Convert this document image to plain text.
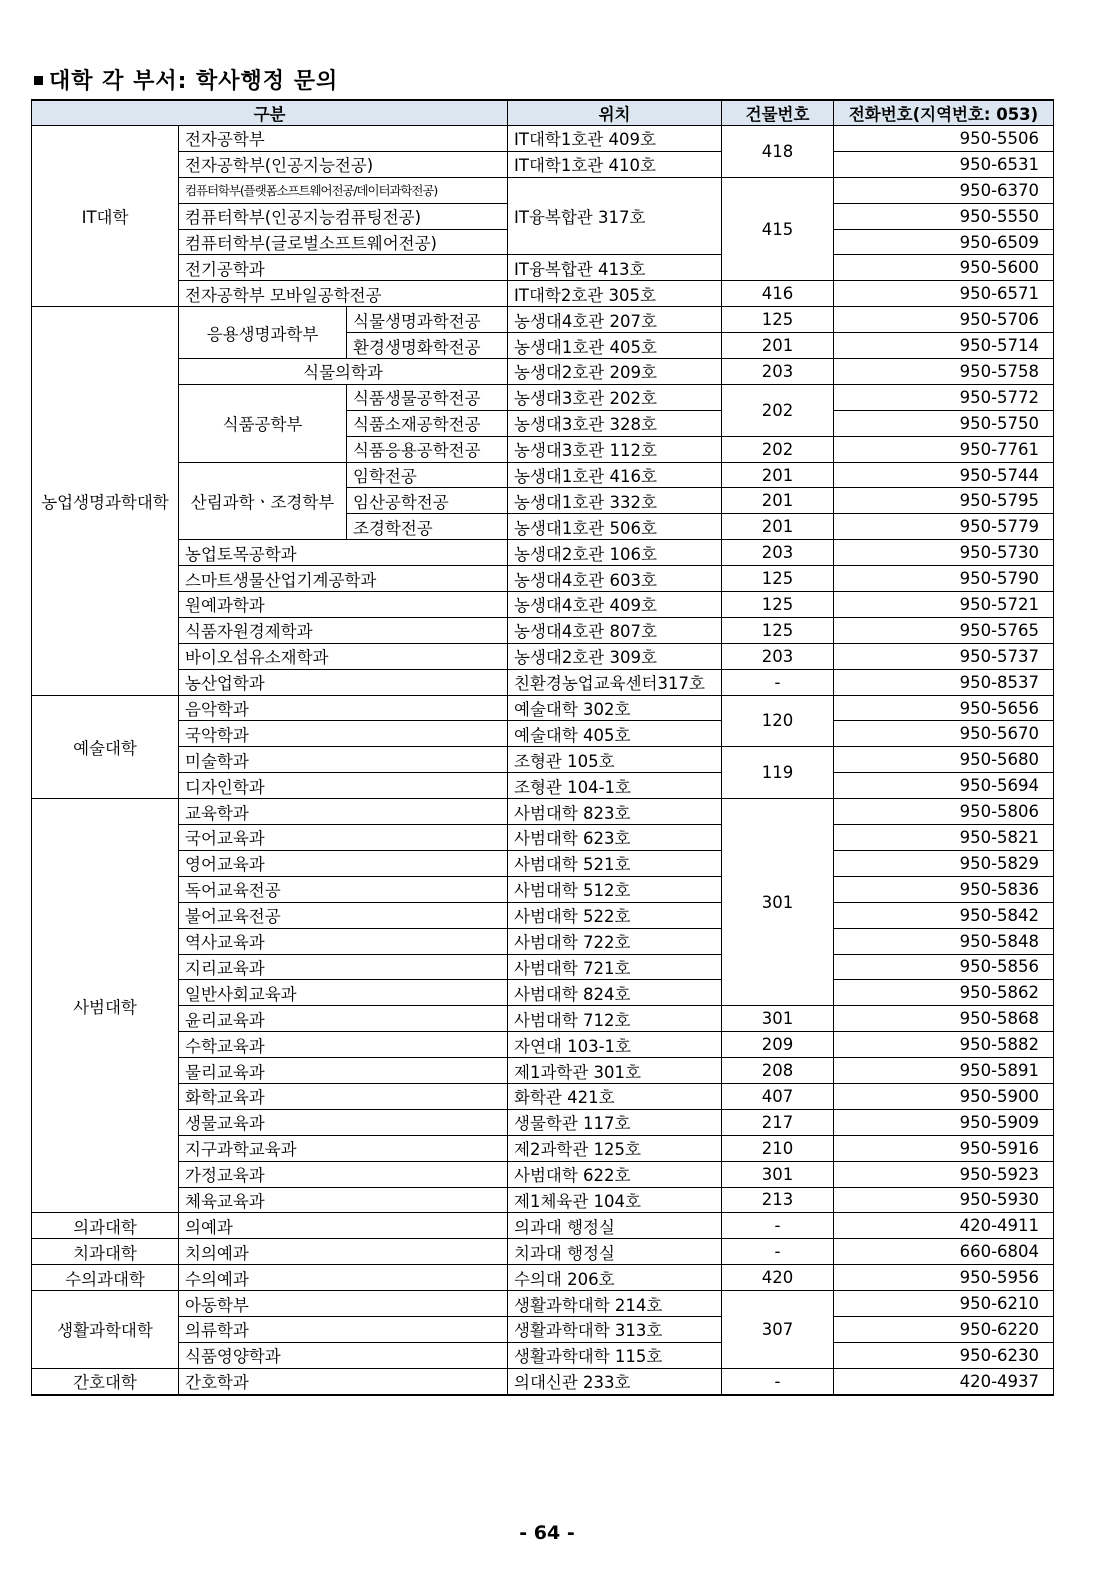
대학 각 부서: 학사행정 문의
구분			위치	건물번호	전화번호(지역번호: 053)
IT대학	전자공학부		IT대학1호관 409호	418	950-5506
	전자공학부(인공지능전공)		IT대학1호관 410호		950-6531
	컴퓨터학부(플랫폼소프트웨어전공/데이터과학전공)		IT융복합관 317호	415	950-6370
	컴퓨터학부(인공지능컴퓨팅전공)				950-5550
	컴퓨터학부(글로벌소프트웨어전공)				950-6509
	전기공학과		IT융복합관 413호		950-5600
	전자공학부 모바일공학전공		IT대학2호관 305호	416	950-6571
농업생명과학대학	응용생명과학부	식물생명과학전공	농생대4호관 207호	125	950-5706
		환경생명화학전공	농생대1호관 405호	201	950-5714
	식물의학과		농생대2호관 209호	203	950-5758
	식품공학부	식품생물공학전공	농생대3호관 202호	202	950-5772
		식품소재공학전공	농생대3호관 328호		950-5750
		식품응용공학전공	농생대3호관 112호	202	950-7761
	산림과학ㆍ조경학부	임학전공	농생대1호관 416호	201	950-5744
		임산공학전공	농생대1호관 332호	201	950-5795
		조경학전공	농생대1호관 506호	201	950-5779
	농업토목공학과		농생대2호관 106호	203	950-5730
	스마트생물산업기계공학과		농생대4호관 603호	125	950-5790
	원예과학과		농생대4호관 409호	125	950-5721
	식품자원경제학과		농생대4호관 807호	125	950-5765
	바이오섬유소재학과		농생대2호관 309호	203	950-5737
	농산업학과		친환경농업교육센터317호	-	950-8537
예술대학	음악학과		예술대학 302호	120	950-5656
	국악학과		예술대학 405호		950-5670
	미술학과		조형관 105호	119	950-5680
	디자인학과		조형관 104-1호		950-5694
사범대학	교육학과		사범대학 823호	301	950-5806
	국어교육과		사범대학 623호		950-5821
	영어교육과		사범대학 521호		950-5829
	독어교육전공		사범대학 512호		950-5836
	불어교육전공		사범대학 522호		950-5842
	역사교육과		사범대학 722호		950-5848
	지리교육과		사범대학 721호		950-5856
	일반사회교육과		사범대학 824호		950-5862
	윤리교육과		사범대학 712호	301	950-5868
	수학교육과		자연대 103-1호	209	950-5882
	물리교육과		제1과학관 301호	208	950-5891
	화학교육과		화학관 421호	407	950-5900
	생물교육과		생물학관 117호	217	950-5909
	지구과학교육과		제2과학관 125호	210	950-5916
	가정교육과		사범대학 622호	301	950-5923
	체육교육과		제1체육관 104호	213	950-5930
의과대학	의예과		의과대 행정실	-	420-4911
치과대학	치의예과		치과대 행정실	-	660-6804
수의과대학	수의예과		수의대 206호	420	950-5956
생활과학대학	아동학부		생활과학대학 214호	307	950-6210
	의류학과		생활과학대학 313호		950-6220
	식품영양학과		생활과학대학 115호		950-6230
간호대학	간호학과		의대신관 233호	-	420-4937
- 64 -
